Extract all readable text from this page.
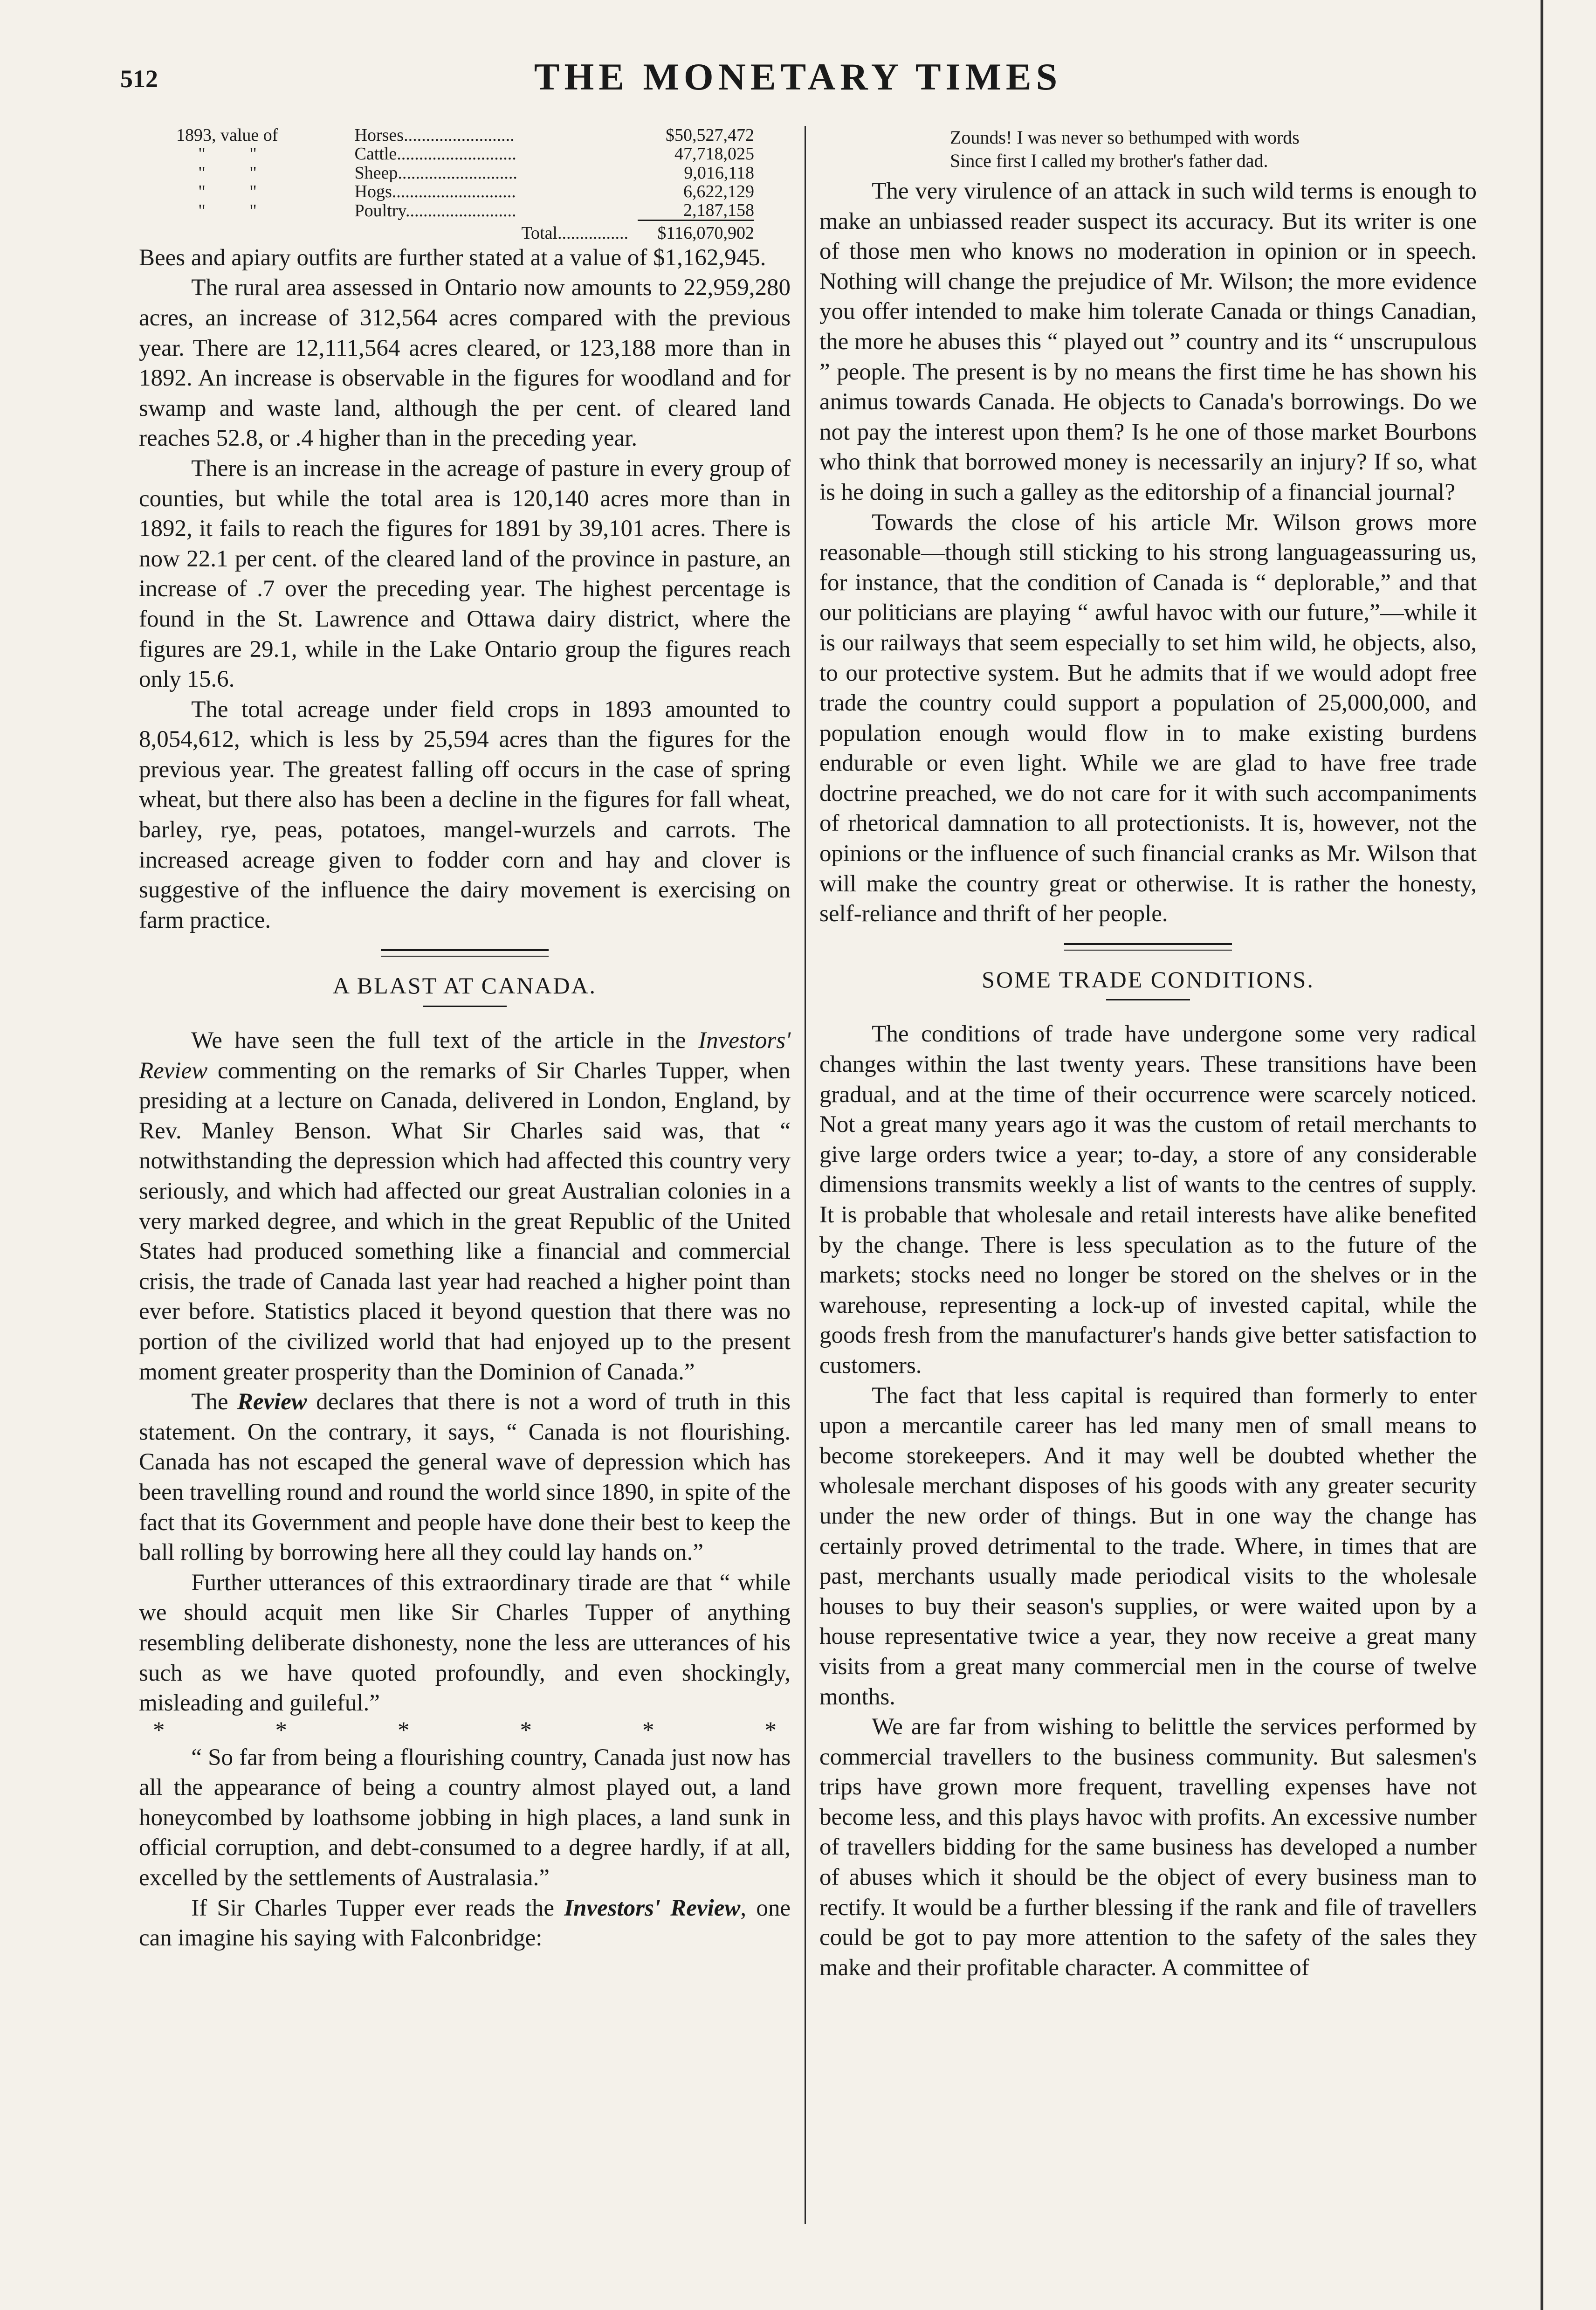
512	THE MONETARY TIMES
1893, value of	Horses.........................	$50,527,472
" "	Cattle...........................	47,718,025
" "	Sheep...........................	9,016,118
" "	Hogs............................	6,622,129
" "	Poultry.........................	2,187,158
	Total................	$116,070,902

Bees and apiary outfits are further stated at a value of $1,162,945.

The rural area assessed in Ontario now amounts to 22,959,280 acres, an increase of 312,564 acres compared with the previous year. There are 12,111,564 acres cleared, or 123,188 more than in 1892. An increase is observable in the figures for woodland and for swamp and waste land, although the per cent. of cleared land reaches 52.8, or .4 higher than in the preceding year.

There is an increase in the acreage of pasture in every group of counties, but while the total area is 120,140 acres more than in 1892, it fails to reach the figures for 1891 by 39,101 acres. There is now 22.1 per cent. of the cleared land of the province in pasture, an increase of .7 over the preceding year. The highest percentage is found in the St. Lawrence and Ottawa dairy district, where the figures are 29.1, while in the Lake Ontario group the figures reach only 15.6.

The total acreage under field crops in 1893 amounted to 8,054,612, which is less by 25,594 acres than the figures for the previous year. The greatest falling off occurs in the case of spring wheat, but there also has been a decline in the figures for fall wheat, barley, rye, peas, potatoes, mangel-wurzels and carrots. The increased acreage given to fodder corn and hay and clover is suggestive of the influence the dairy movement is exercising on farm practice.

A BLAST AT CANADA.

We have seen the full text of the article in the Investors' Review commenting on the remarks of Sir Charles Tupper, when presiding at a lecture on Canada, delivered in London, England, by Rev. Manley Benson. What Sir Charles said was, that “ notwithstanding the depression which had affected this country very seriously, and which had affected our great Australian colonies in a very marked degree, and which in the great Republic of the United States had produced something like a financial and commercial crisis, the trade of Canada last year had reached a higher point than ever before. Statistics placed it beyond question that there was no portion of the civilized world that had enjoyed up to the present moment greater prosperity than the Dominion of Canada.”

The Review declares that there is not a word of truth in this statement. On the contrary, it says, “ Canada is not flourishing. Canada has not escaped the general wave of depression which has been travelling round and round the world since 1890, in spite of the fact that its Government and people have done their best to keep the ball rolling by borrowing here all they could lay hands on.”

Further utterances of this extraordinary tirade are that “ while we should acquit men like Sir Charles Tupper of anything resembling deliberate dishonesty, none the less are utterances of his such as we have quoted profoundly, and even shockingly, misleading and guileful.”

*	*	*	*	*	*

“ So far from being a flourishing country, Canada just now has all the appearance of being a country almost played out, a land honeycombed by loathsome jobbing in high places, a land sunk in official corruption, and debt-consumed to a degree hardly, if at all, excelled by the settlements of Australasia.”

If Sir Charles Tupper ever reads the Investors' Review, one can imagine his saying with Falconbridge:

Zounds! I was never so bethumped with words
Since first I called my brother's father dad.

The very virulence of an attack in such wild terms is enough to make an unbiassed reader suspect its accuracy. But its writer is one of those men who knows no moderation in opinion or in speech. Nothing will change the prejudice of Mr. Wilson; the more evidence you offer intended to make him tolerate Canada or things Canadian, the more he abuses this “ played out ” country and its “ unscrupulous ” people. The present is by no means the first time he has shown his animus towards Canada. He objects to Canada's borrowings. Do we not pay the interest upon them? Is he one of those market Bourbons who think that borrowed money is necessarily an injury? If so, what is he doing in such a galley as the editorship of a financial journal?

Towards the close of his article Mr. Wilson grows more reasonable—though still sticking to his strong languageassuring us, for instance, that the condition of Canada is “ deplorable,” and that our politicians are playing “ awful havoc with our future,”—while it is our railways that seem especially to set him wild, he objects, also, to our protective system. But he admits that if we would adopt free trade the country could support a population of 25,000,000, and population enough would flow in to make existing burdens endurable or even light. While we are glad to have free trade doctrine preached, we do not care for it with such accompaniments of rhetorical damnation to all protectionists. It is, however, not the opinions or the influence of such financial cranks as Mr. Wilson that will make the country great or otherwise. It is rather the honesty, self-reliance and thrift of her people.

SOME TRADE CONDITIONS.

The conditions of trade have undergone some very radical changes within the last twenty years. These transitions have been gradual, and at the time of their occurrence were scarcely noticed. Not a great many years ago it was the custom of retail merchants to give large orders twice a year; to-day, a store of any considerable dimensions transmits weekly a list of wants to the centres of supply. It is probable that wholesale and retail interests have alike benefited by the change. There is less speculation as to the future of the markets; stocks need no longer be stored on the shelves or in the warehouse, representing a lock-up of invested capital, while the goods fresh from the manufacturer's hands give better satisfaction to customers.

The fact that less capital is required than formerly to enter upon a mercantile career has led many men of small means to become storekeepers. And it may well be doubted whether the wholesale merchant disposes of his goods with any greater security under the new order of things. But in one way the change has certainly proved detrimental to the trade. Where, in times that are past, merchants usually made periodical visits to the wholesale houses to buy their season's supplies, or were waited upon by a house representative twice a year, they now receive a great many visits from a great many commercial men in the course of twelve months.

We are far from wishing to belittle the services performed by commercial travellers to the business community. But salesmen's trips have grown more frequent, travelling expenses have not become less, and this plays havoc with profits. An excessive number of travellers bidding for the same business has developed a number of abuses which it should be the object of every business man to rectify. It would be a further blessing if the rank and file of travellers could be got to pay more attention to the safety of the sales they make and their profitable character. A committee of
